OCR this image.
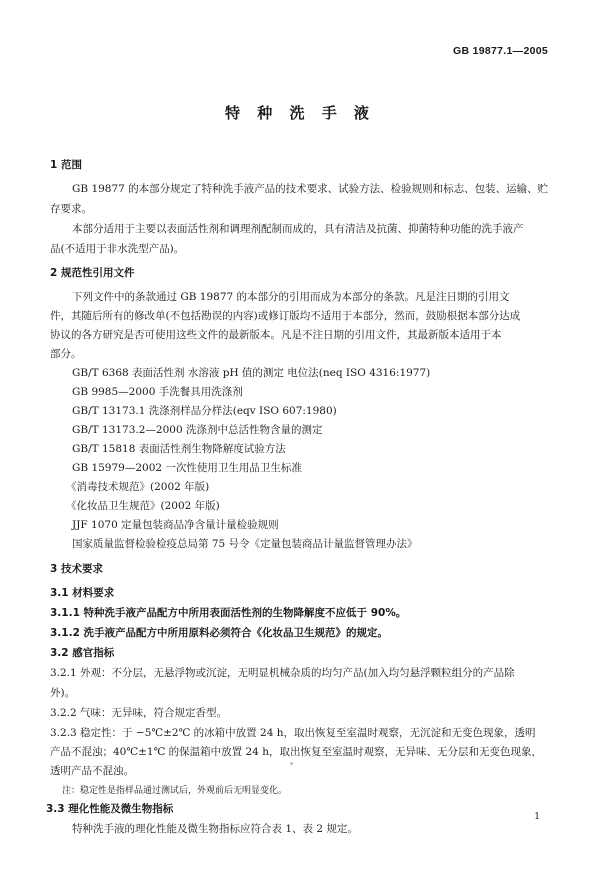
GB 19877.1—2005
特 种 洗 手 液
1 范围
GB 19877 的本部分规定了特种洗手液产品的技术要求、试验方法、检验规则和标志、包装、运输、贮
存要求。
本部分适用于主要以表面活性剂和调理剂配制而成的，具有清洁及抗菌、抑菌特种功能的洗手液产
品(不适用于非水洗型产品)。
2 规范性引用文件
下列文件中的条款通过 GB 19877 的本部分的引用而成为本部分的条款。凡是注日期的引用文
件，其随后所有的修改单(不包括勘误的内容)或修订版均不适用于本部分，然而，鼓励根据本部分达成
协议的各方研究是否可使用这些文件的最新版本。凡是不注日期的引用文件，其最新版本适用于本
部分。
GB/T 6368 表面活性剂 水溶液 pH 值的测定 电位法(neq ISO 4316:1977)
GB 9985—2000 手洗餐具用洗涤剂
GB/T 13173.1 洗涤剂样品分样法(eqv ISO 607:1980)
GB/T 13173.2—2000 洗涤剂中总活性物含量的测定
GB/T 15818 表面活性剂生物降解度试验方法
GB 15979—2002 一次性使用卫生用品卫生标准
《消毒技术规范》(2002 年版)
《化妆品卫生规范》(2002 年版)
JJF 1070 定量包装商品净含量计量检验规则
国家质量监督检验检疫总局第 75 号令《定量包装商品计量监督管理办法》
3 技术要求
3.1 材料要求
3.1.1 特种洗手液产品配方中所用表面活性剂的生物降解度不应低于 90%。
3.1.2 洗手液产品配方中所用原料必须符合《化妆品卫生规范》的规定。
3.2 感官指标
3.2.1 外观：不分层，无悬浮物或沉淀，无明显机械杂质的均匀产品(加入均匀悬浮颗粒组分的产品除
外)。
3.2.2 气味：无异味，符合规定香型。
3.2.3 稳定性：于 −5℃±2℃ 的冰箱中放置 24 h，取出恢复至室温时观察，无沉淀和无变色现象，透明
产品不混浊；40℃±1℃ 的保温箱中放置 24 h，取出恢复至室温时观察，无异味、无分层和无变色现象，
透明产品不混浊。
注：稳定性是指样品通过测试后，外观前后无明显变化。
3.3 理化性能及微生物指标
特种洗手液的理化性能及微生物指标应符合表 1、表 2 规定。
1
